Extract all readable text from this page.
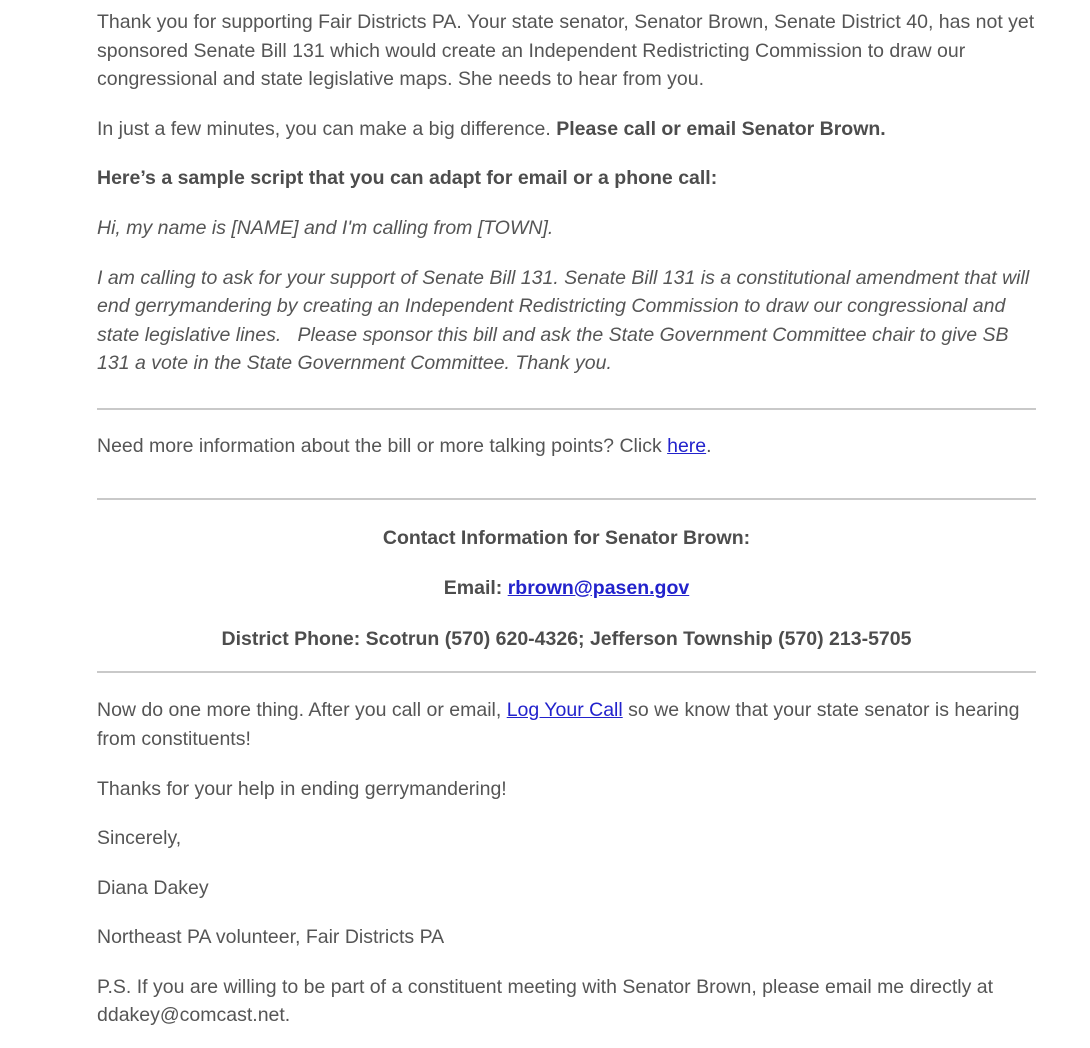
Thank you for supporting Fair Districts PA. Your state senator, Senator Brown, Senate District 40, has not yet sponsored Senate Bill 131 which would create an Independent Redistricting Commission to draw our congressional and state legislative maps. She needs to hear from you.

In just a few minutes, you can make a big difference. Please call or email Senator Brown.

Here’s a sample script that you can adapt for email or a phone call:

Hi, my name is [NAME] and I'm calling from [TOWN].

I am calling to ask for your support of Senate Bill 131. Senate Bill 131 is a constitutional amendment that will end gerrymandering by creating an Independent Redistricting Commission to draw our congressional and state legislative lines. Please sponsor this bill and ask the State Government Committee chair to give SB 131 a vote in the State Government Committee. Thank you.

Need more information about the bill or more talking points? Click here.

Contact Information for Senator Brown:

Email: rbrown@pasen.gov

District Phone: Scotrun (570) 620-4326; Jefferson Township (570) 213-5705

Now do one more thing. After you call or email, Log Your Call so we know that your state senator is hearing from constituents!

Thanks for your help in ending gerrymandering!

Sincerely,

Diana Dakey

Northeast PA volunteer, Fair Districts PA

P.S. If you are willing to be part of a constituent meeting with Senator Brown, please email me directly at ddakey@comcast.net.
